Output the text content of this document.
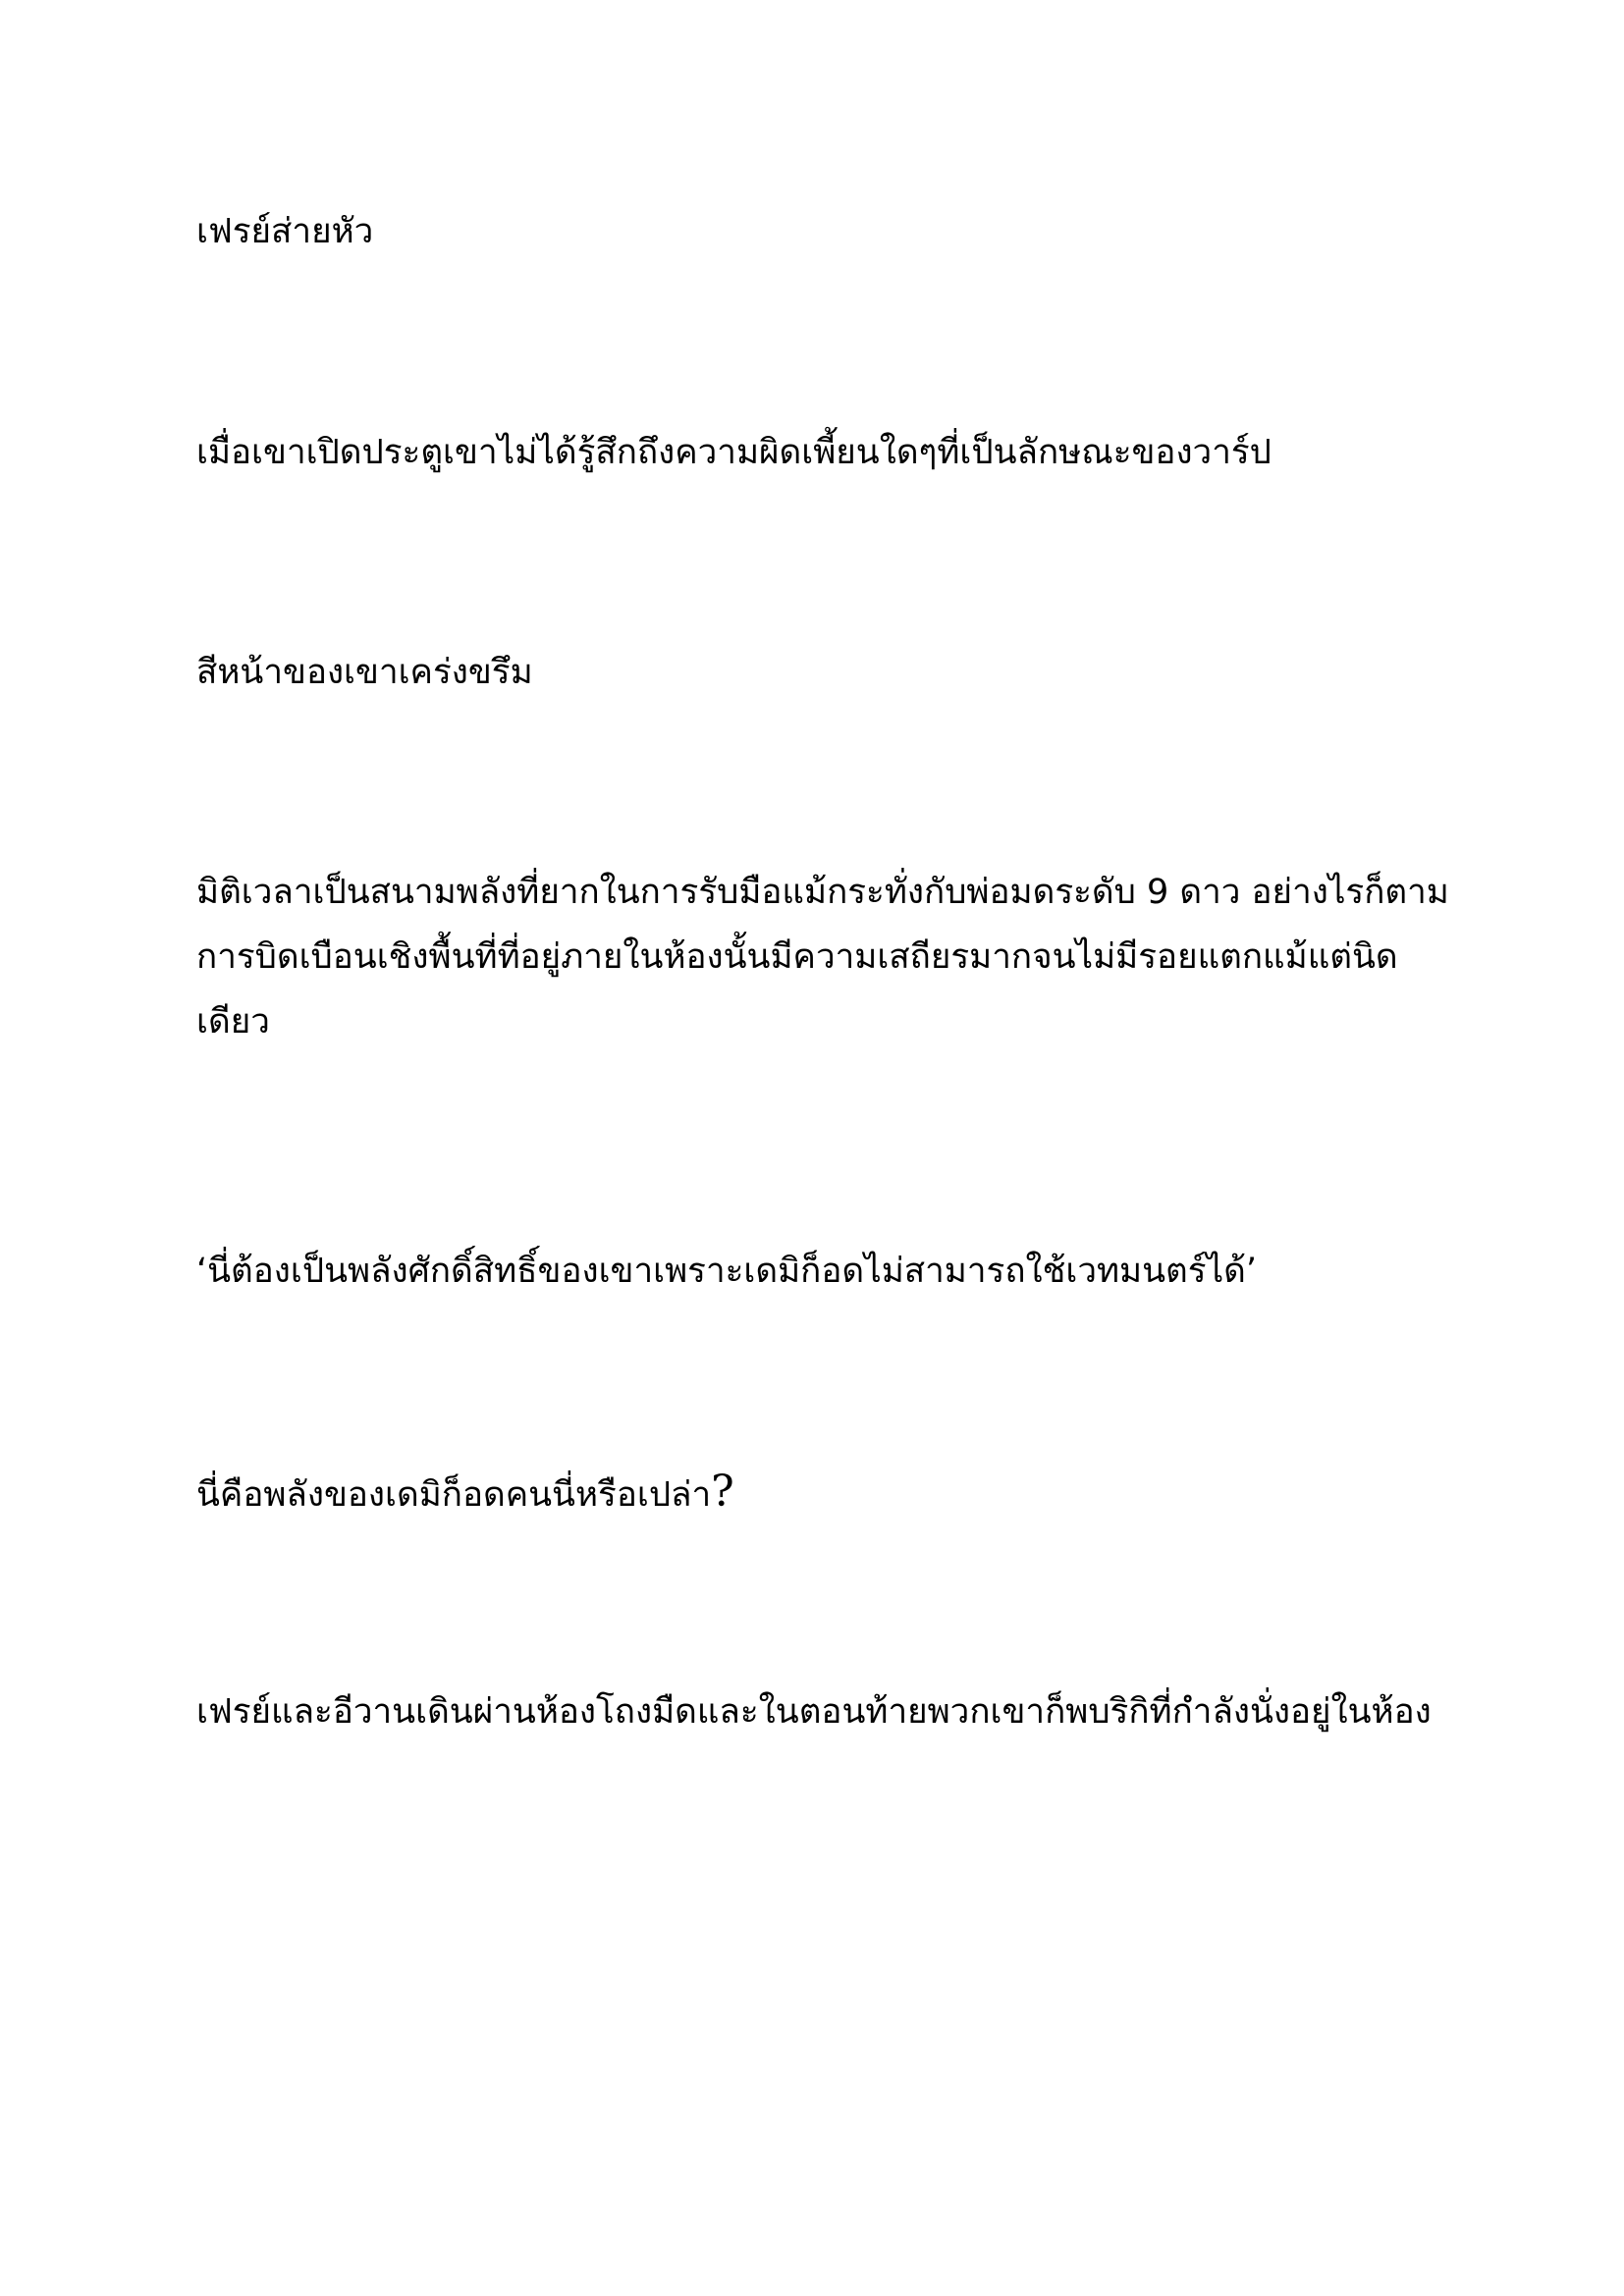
เฟรย์ส่ายหัว

เมื่อเขาเปิดประตูเขาไม่ได้รู้สึกถึงความผิดเพี้ยนใดๆที่เป็นลักษณะของวาร์ป

สีหน้าของเขาเคร่งขรึม

มิติเวลาเป็นสนามพลังที่ยากในการรับมือแม้กระทั่งกับพ่อมดระดับ 9 ดาว อย่างไรก็ตามการบิดเบือนเชิงพื้นที่ที่อยู่ภายในห้องนั้นมีความเสถียรมากจนไม่มีรอยแตกแม้แต่นิดเดียว

‘นี่ต้องเป็นพลังศักดิ์สิทธิ์ของเขาเพราะเดมิก็อดไม่สามารถใช้เวทมนตร์ได้’

นี่คือพลังของเดมิก็อดคนนี่หรือเปล่า?

เฟรย์และอีวานเดินผ่านห้องโถงมืดและในตอนท้ายพวกเขาก็พบริกิที่กำลังนั่งอยู่ในห้อง
